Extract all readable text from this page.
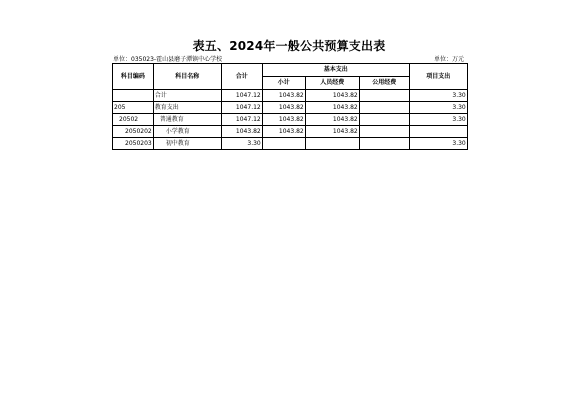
表五、2024年一般公共预算支出表
单位：035023-霍山县磨子潭镇中心学校	单位：万元
科目编码	科目名称	合计	基本支出			项目支出
			小计	人员经费	公用经费	
	合计	1047.12	1043.82	1043.82		3.30
205	教育支出	1047.12	1043.82	1043.82		3.30
20502	普通教育	1047.12	1043.82	1043.82		3.30
2050202	小学教育	1043.82	1043.82	1043.82		
2050203	初中教育	3.30				3.30
